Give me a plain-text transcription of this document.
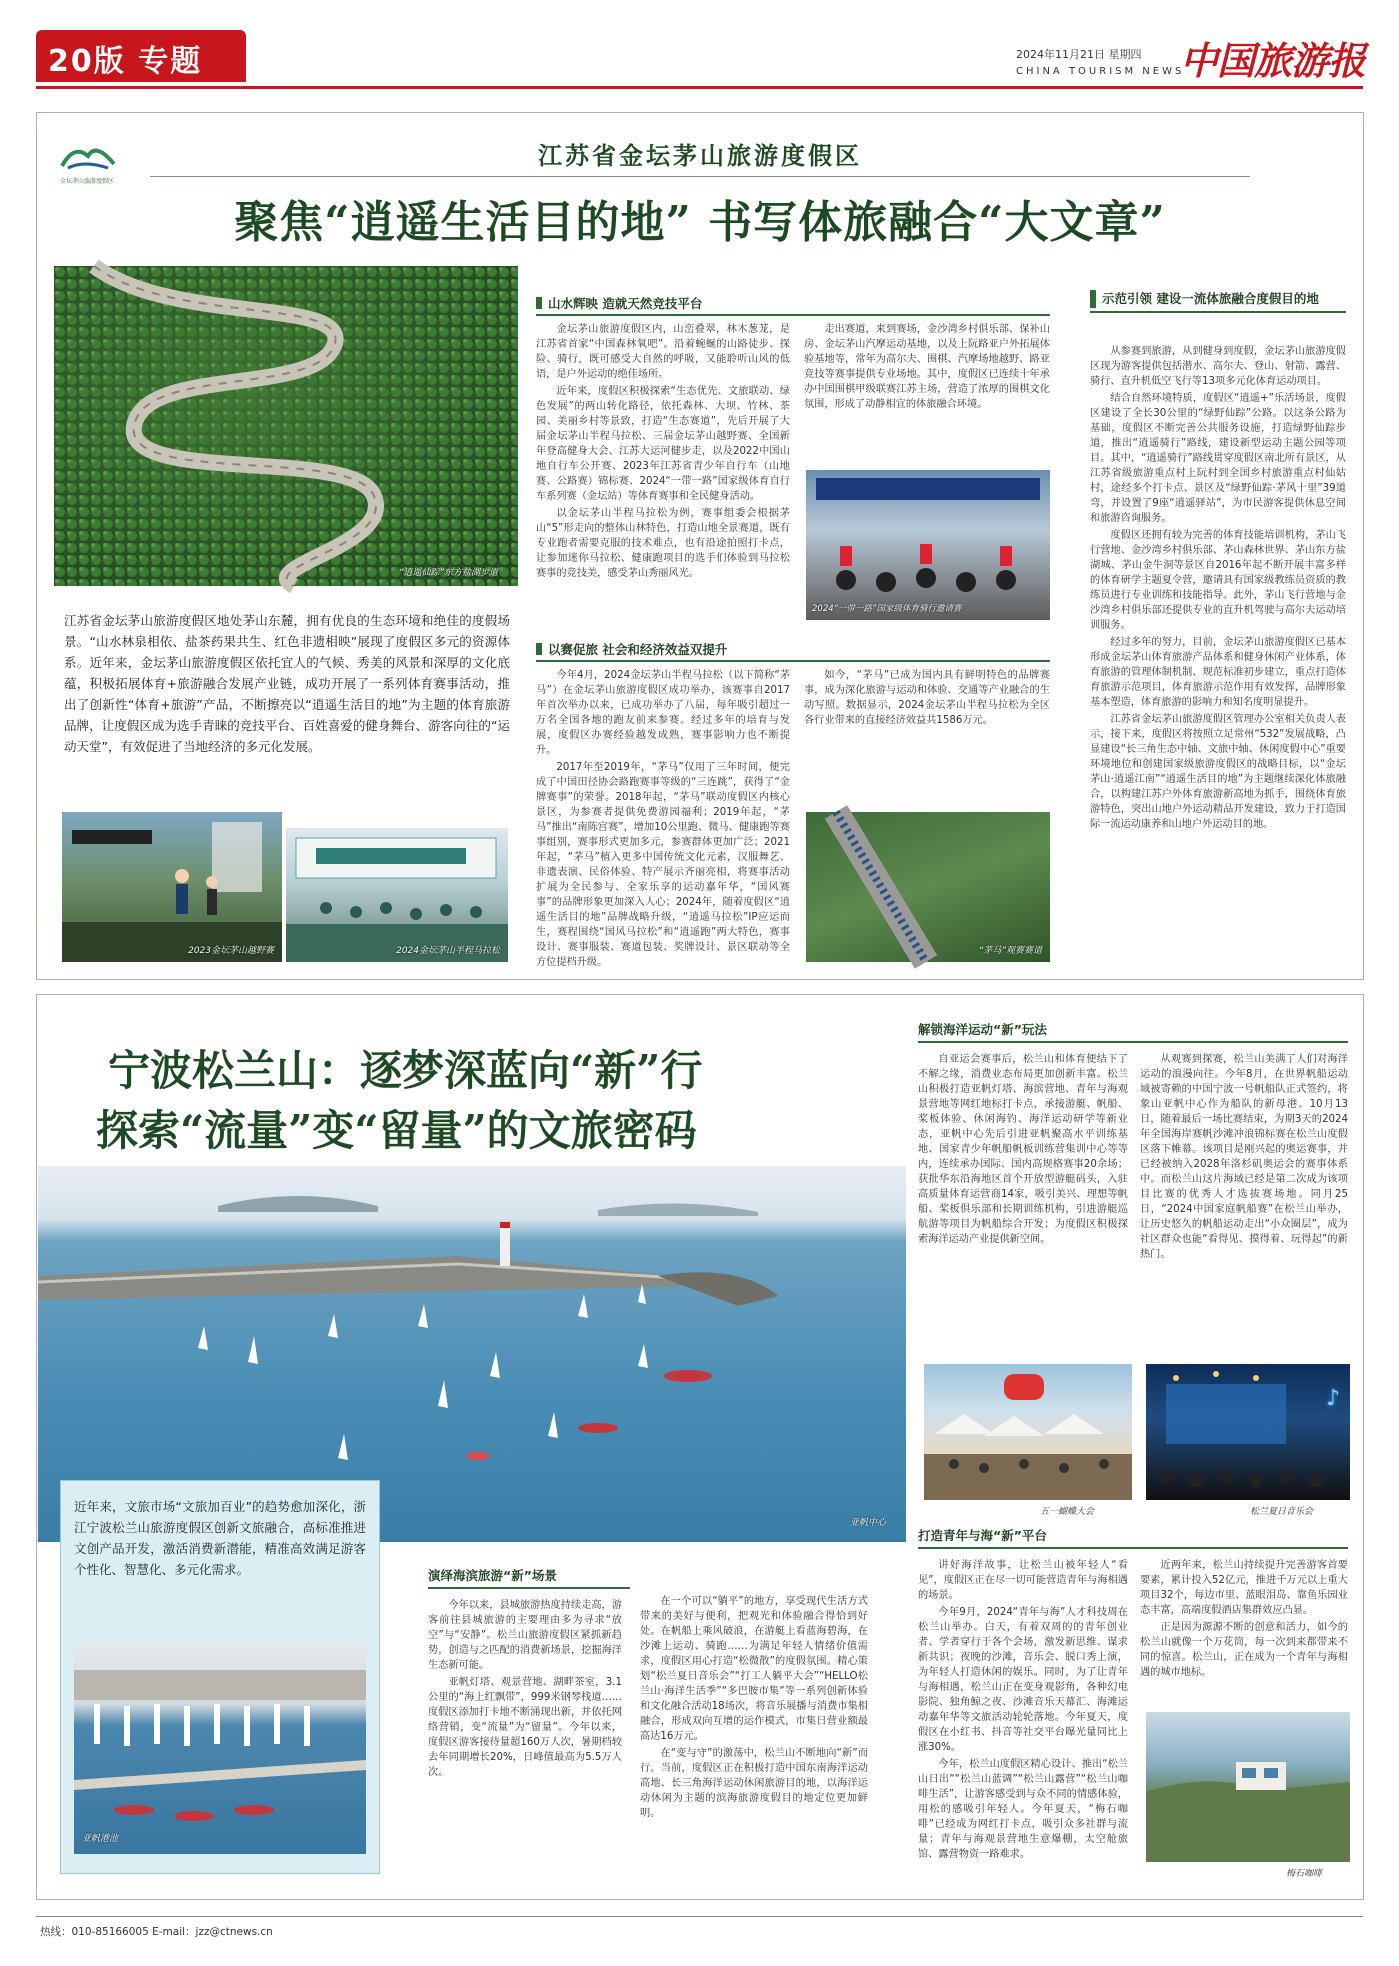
20版 专题	2024年11月21日 星期四
CHINA TOURISM NEWS
中国旅游报
金坛茅山旅游度假区
江苏省金坛茅山旅游度假区
聚焦“逍遥生活目的地” 书写体旅融合“大文章”
“逍遥仙踪”东方盐湖步道
江苏省金坛茅山旅游度假区地处茅山东麓，拥有优良的生态环境和绝佳的度假场景。“山水林泉相依、盐茶药果共生、红色非遗相映”展现了度假区多元的资源体系。近年来，金坛茅山旅游度假区依托宜人的气候、秀美的风景和深厚的文化底蕴，积极拓展体育+旅游融合发展产业链，成功开展了一系列体育赛事活动，推出了创新性“体育+旅游”产品，不断擦亮以“逍遥生活目的地”为主题的体育旅游品牌，让度假区成为选手青睐的竞技平台、百姓喜爱的健身舞台、游客向往的“运动天堂”，有效促进了当地经济的多元化发展。
2023金坛茅山越野赛	2024金坛茅山半程马拉松
山水辉映 造就天然竞技平台

金坛茅山旅游度假区内，山峦叠翠，林木葱茏，是江苏省首家“中国森林氧吧”。沿着蜿蜒的山路徒步、探险、骑行，既可感受大自然的呼吸，又能聆听山风的低语，是户外运动的绝佳场所。

近年来，度假区积极探索“生态优先、文旅联动、绿色发展”的两山转化路径，依托森林、大坝、竹林、茶园、美丽乡村等景致，打造“生态赛道”，先后开展了大届金坛茅山半程马拉松、三届金坛茅山越野赛、全国新年登高健身大会、江苏大运河健步走，以及2022中国山地自行车公开赛、2023年江苏省青少年自行车（山地赛、公路赛）锦标赛、2024“一带一路”国家级体育自行车系列赛（金坛站）等体育赛事和全民健身活动。

以金坛茅山半程马拉松为例，赛事组委会根据茅山“5”形走向的整体山林特色，打造山地全景赛道，既有专业跑者需要克服的技术难点，也有沿途拍照打卡点，让参加迷你马拉松、健康跑项目的选手们体验到马拉松赛事的竞技美，感受茅山秀丽风光。

走出赛道，来到赛场，金沙湾乡村俱乐部、保补山房、金坛茅山汽摩运动基地，以及上阮路亚户外拓展体验基地等，常年为高尔夫、围棋、汽摩场地越野、路亚竞技等赛事提供专业场地。其中，度假区已连续十年承办中国围棋甲级联赛江苏主场，营造了浓厚的围棋文化氛围，形成了动静相宜的体旅融合环境。

2024“一带一路”国家级体育骑行邀请赛
以赛促旅 社会和经济效益双提升

今年4月，2024金坛茅山半程马拉松（以下简称“茅马”）在金坛茅山旅游度假区成功举办，该赛事自2017年首次举办以来，已成功举办了八届，每年吸引超过一万名全国各地的跑友前来参赛。经过多年的培育与发展，度假区办赛经验越发成熟，赛事影响力也不断提升。

2017年至2019年，“茅马”仅用了三年时间，便完成了中国田径协会路跑赛事等级的“三连跳”，获得了“金牌赛事”的荣誉。2018年起，“茅马”联动度假区内核心景区，为参赛者提供免费游园福利；2019年起，“茅马”推出“南陈宫赛”，增加10公里跑、微马、健康跑等赛事组别，赛事形式更加多元，参赛群体更加广泛；2021年起，“茅马”植入更多中国传统文化元素，汉服舞艺、非遗表演、民俗体验、特产展示齐丽亮相，将赛事活动扩展为全民参与、全家乐享的运动嘉年华，“国风赛事”的品牌形象更加深入人心；2024年，随着度假区“逍遥生活目的地”品牌战略升级，“逍遥马拉松”IP应运而生，赛程围绕“国风马拉松”和“逍遥跑”两大特色，赛事设计、赛事服装、赛道包装、奖牌设计、景区联动等全方位提档升级。

如今，“茅马”已成为国内具有鲜明特色的品牌赛事，成为深化旅游与运动和体验、交通等产业融合的生动写照。数据显示，2024金坛茅山半程马拉松为全区各行业带来的直接经济效益共1586万元。

“茅马”观赛赛道
示范引领 建设一流体旅融合度假目的地

从参赛到旅游，从到健身到度假，金坛茅山旅游度假区现为游客提供包括潜水、高尔夫、登山、射箭、露营、骑行、直升机低空飞行等13项多元化体育运动项目。

结合自然环境特质，度假区“逍遥+”乐活场景，度假区建设了全长30公里的“绿野仙踪”公路。以这条公路为基础，度假区不断完善公共服务设施，打造绿野仙踪步道，推出“逍遥骑行”路线，建设新型运动主题公园等项目。其中，“逍遥骑行”路线贯穿度假区南北所有景区，从江苏省级旅游重点村上阮村到全国乡村旅游重点村仙姑村，途经多个打卡点、景区及“绿野仙踪·茅风十里”39道弯，并设置了9座“逍遥驿站”，为市民游客提供休息空间和旅游咨询服务。

度假区还拥有较为完善的体育技能培训机构，茅山飞行营地、金沙湾乡村俱乐部、茅山森林世界、茅山东方盐湖城、茅山金牛洞等景区自2016年起不断开展丰富多样的体育研学主题夏令营，邀请具有国家级教练员资质的教练员进行专业训练和技能指导。此外，茅山飞行营地与金沙湾乡村俱乐部还提供专业的直升机驾驶与高尔夫运动培训服务。

经过多年的努力，目前，金坛茅山旅游度假区已基本形成金坛茅山体育旅游产品体系和健身休闲产业体系，体育旅游的管理体制机制、规范标准初步建立，重点打造体育旅游示范项目，体育旅游示范作用有效发挥，品牌形象基本塑造，体育旅游的影响力和知名度明显提升。

江苏省金坛茅山旅游度假区管理办公室相关负责人表示，接下来，度假区将按照立足常州“532”发展战略，凸显建设“长三角生态中轴、文旅中轴、休闲度假中心”重要环境地位和创建国家级旅游度假区的战略目标，以“金坛茅山·逍遥江南”“逍遥生活目的地”为主题继续深化体旅融合，以构建江苏户外体育旅游新高地为抓手，围绕体育旅游特色，突出山地户外运动精品开发建设，致力于打造国际一流运动康养和山地户外运动目的地。

宁波松兰山：逐梦深蓝向“新”行
探索“流量”变“留量”的文旅密码
亚帆中心
近年来，文旅市场“文旅加百业”的趋势愈加深化，浙江宁波松兰山旅游度假区创新文旅融合，高标准推进文创产品开发，激活消费新潜能，精准高效满足游客个性化、智慧化、多元化需求。
亚帆港池
演绎海滨旅游“新”场景

今年以来，县城旅游热度持续走高，游客前往县城旅游的主要理由多为寻求“放空”与“安静”。松兰山旅游度假区紧抓新趋势，创造与之匹配的消费新场景，挖掘海洋生态新可能。

亚帆灯塔、观景营地、湖畔茶室，3.1公里的“海上红飘带”，999米钢琴栈道……度假区添加打卡地不断涌现出新，并依托网络营销，变“流量”为“留量”。今年以来，度假区游客接待量超160万人次，暑期档较去年同期增长20%，日峰值最高为5.5万人次。

在一个可以“躺平”的地方，享受现代生活方式带来的美好与便利，把观光和体验融合得恰到好处。在帆船上乘风破浪，在游艇上看蓝海碧海，在沙滩上运动、骑跑……为满足年轻人情绪价值需求，度假区用心打造“松微散”的度假氛围。精心策划“松兰夏日音乐会”“打工人躺平大会”“HELLO松兰山·海洋生活季”“多巴胺市集”等一系列创新体验和文化融合活动18场次，将音乐展播与消费市集相融合，形成双向互增的运作模式，市集日营业额最高达16万元。

在“变与守”的激荡中，松兰山不断地向“新”而行。当前，度假区正在积极打造中国东南海洋运动高地、长三角海洋运动休闲旅游目的地，以海洋运动休闲为主题的滨海旅游度假目的地定位更加鲜明。

解锁海洋运动“新”玩法

自亚运会赛事后，松兰山和体育便结下了不解之缘，消费业态布局更加创新丰富。松兰山积极打造亚帆灯塔、海滨营地、青年与海观景营地等网红地标打卡点，承接游艇、帆船、桨板体验、休闲海钓、海洋运动研学等新业态，亚帆中心先后引进亚帆聚高水平训练基地、国家青少年帆船帆板训练营集训中心等等内，连续承办国际、国内高规格赛事20余场；获批华东沿海地区首个开放型游艇码头，入驻高质量体育运营商14家，吸引美兴、理想等帆船、桨板俱乐部和长期训练机构，引进游艇巡航游等项目为帆船综合开发；为度假区积极探索海洋运动产业提供新空间。

从观赛到探赛，松兰山美满了人们对海洋运动的浪漫向往。今年8月，在世界帆船运动域被寄赖的中国宁波一号帆船队正式签约，将象山亚帆中心作为船队的新母港。10月13日，随着最后一场比赛结束，为期3天的2024年全国海岸赛帆沙滩冲浪锦标赛在松兰山度假区落下帷幕。该项目是刚兴起的奥运赛事，并已经被纳入2028年洛杉矶奥运会的赛事体系中。而松兰山这片海域已经是第二次成为该项目比赛的优秀人才选拔赛场地。同月25日，“2024中国家庭帆船赛”在松兰山举办，让历史悠久的帆船运动走出“小众圈层”，成为社区群众也能“看得见、摸得着、玩得起”的新热门。

五一蝴蝶大会
♪
松兰夏日音乐会
打造青年与海“新”平台

讲好海洋故事，让松兰山被年轻人“看见”，度假区正在尽一切可能营造青年与海相遇的场景。

今年9月，2024“青年与海”人才科技周在松兰山举办。白天，有着双周的的青年创业者、学者穿行于各个会场，激发新思维、谋求新共识；夜晚的沙滩，音乐会、脱口秀上演，为年轻人打造休闲的娱乐。同时，为了让青年与海相遇，松兰山正在变身观影角，各种幻电影院、独角鲸之夜、沙滩音乐天幕汇、海滩运动嘉年华等文旅活动轮轮落地。今年夏天，度假区在小红书、抖音等社交平台曝光量同比上涨30%。

今年，松兰山度假区精心设计、推出“松兰山日出”“松兰山蓝调”“松兰山露营”“松兰山咖啡生活”，让游客感受到与众不同的情感体验，用松的感吸引年轻人。今年夏天，“梅石咖啡”已经成为网红打卡点，吸引众多社群与流量；青年与海观景营地生意爆棚，太空舱旅馆、露营物资一路难求。

近两年来，松兰山持续提升完善游客首要要素，累计投入52亿元，推进千万元以上重大项目32个，每边市里、蓝眼泪岛、靠鱼乐园业态丰富，高端度假酒店集群效应凸显。

正是因为源源不断的创意和活力，如今的松兰山就像一个万花筒，每一次到来都带来不同的惊喜。松兰山，正在成为一个青年与海相遇的城市地标。

梅石咖啡
热线：010-85166005 E-mail：jzz@ctnews.cn
